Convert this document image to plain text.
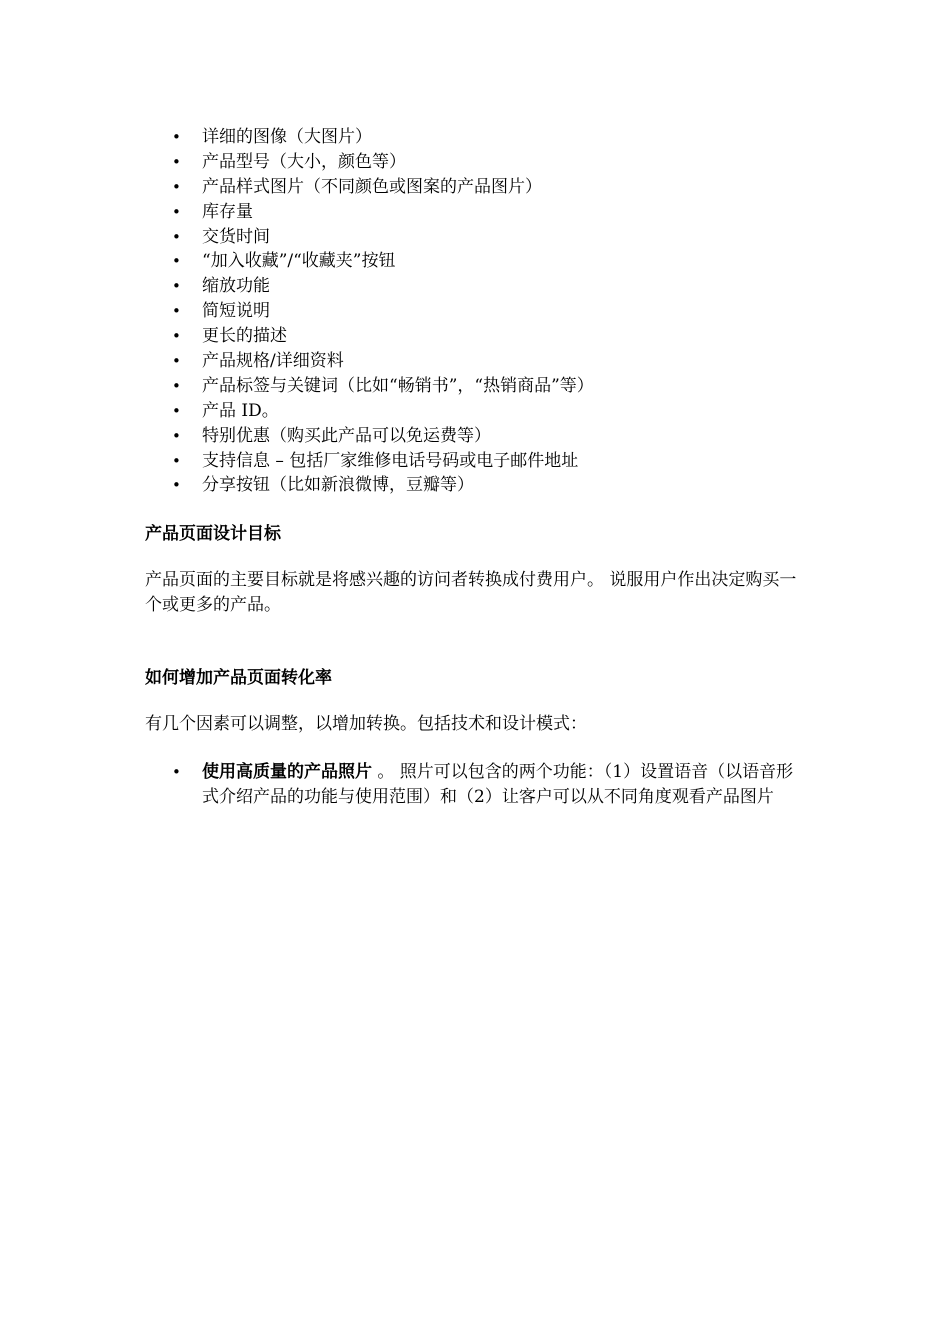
• 详细的图像（大图片）
• 产品型号（大小，颜色等）
• 产品样式图片（不同颜色或图案的产品图片）
• 库存量
• 交货时间
• “加入收藏”/“收藏夹”按钮
• 缩放功能
• 简短说明
• 更长的描述
• 产品规格/详细资料
• 产品标签与关键词（比如“畅销书”，“热销商品”等）
• 产品 ID。
• 特别优惠（购买此产品可以免运费等）
• 支持信息 – 包括厂家维修电话号码或电子邮件地址
• 分享按钮（比如新浪微博，豆瓣等）
产品页面设计目标

产品页面的主要目标就是将感兴趣的访问者转换成付费用户。 说服用户作出决定购买一个或更多的产品。

如何增加产品页面转化率

有几个因素可以调整，以增加转换。包括技术和设计模式：

• 使用高质量的产品照片 。 照片可以包含的两个功能：（1）设置语音（以语音形式介绍产品的功能与使用范围）和（2）让客户可以从不同角度观看产品图片
